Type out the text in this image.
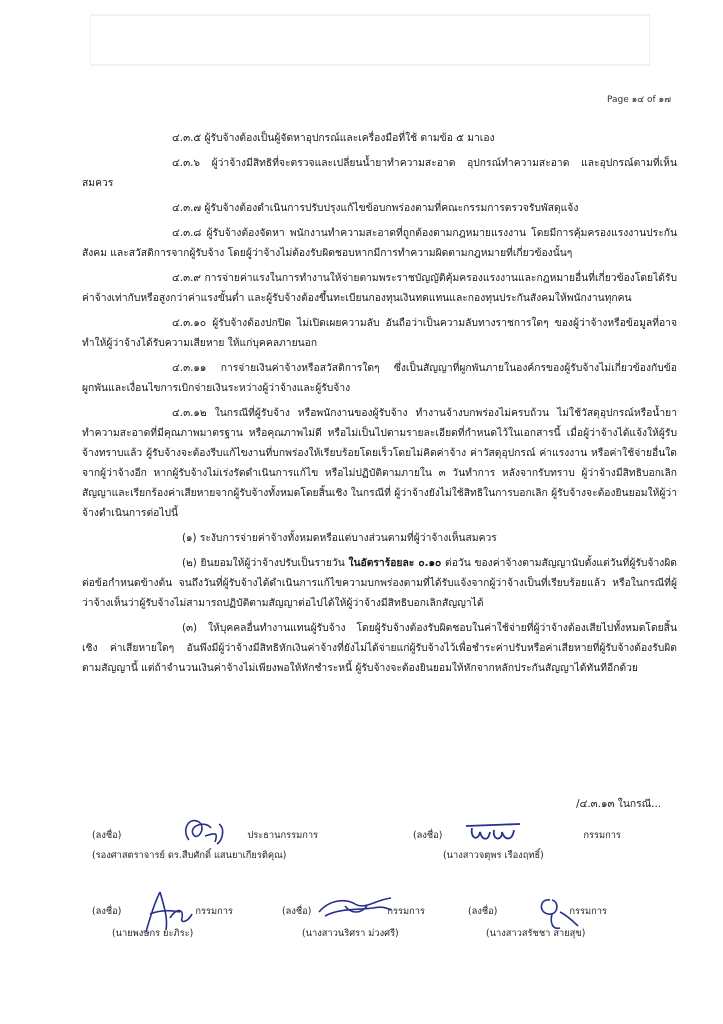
Page ๑๔ of ๑๗

๔.๓.๕ ผู้รับจ้างต้องเป็นผู้จัดหาอุปกรณ์และเครื่องมือที่ใช้ ตามข้อ ๕ มาเอง

๔.๓.๖ ผู้ว่าจ้างมีสิทธิที่จะตรวจและเปลี่ยนน้ำยาทำความสะอาด อุปกรณ์ทำความสะอาด และอุปกรณ์ตามที่เห็นสมควร

๔.๓.๗ ผู้รับจ้างต้องดำเนินการปรับปรุงแก้ไขข้อบกพร่องตามที่คณะกรรมการตรวจรับพัสดุแจ้ง

๔.๓.๘ ผู้รับจ้างต้องจัดหา พนักงานทำความสะอาดที่ถูกต้องตามกฎหมายแรงงาน โดยมีการคุ้มครองแรงงานประกันสังคม และสวัสดิการจากผู้รับจ้าง โดยผู้ว่าจ้างไม่ต้องรับผิดชอบหากมีการทำความผิดตามกฎหมายที่เกี่ยวข้องนั้นๆ

๔.๓.๙ การจ่ายค่าแรงในการทำงานให้จ่ายตามพระราชบัญญัติคุ้มครองแรงงานและกฎหมายอื่นที่เกี่ยวข้องโดยได้รับค่าจ้างเท่ากับหรือสูงกว่าค่าแรงขั้นต่ำ และผู้รับจ้างต้องขึ้นทะเบียนกองทุนเงินทดแทนและกองทุนประกันสังคมให้พนักงานทุกคน

๔.๓.๑๐ ผู้รับจ้างต้องปกปิด ไม่เปิดเผยความลับ อันถือว่าเป็นความลับทางราชการใดๆ ของผู้ว่าจ้างหรือข้อมูลที่อาจทำให้ผู้ว่าจ้างได้รับความเสียหาย ให้แก่บุคคลภายนอก

๔.๓.๑๑ การจ่ายเงินค่าจ้างหรือสวัสดิการใดๆ ซึ่งเป็นสัญญาที่ผูกพันภายในองค์กรของผู้รับจ้างไม่เกี่ยวข้องกับข้อผูกพันและเงื่อนไขการเบิกจ่ายเงินระหว่างผู้ว่าจ้างและผู้รับจ้าง

๔.๓.๑๒ ในกรณีที่ผู้รับจ้าง หรือพนักงานของผู้รับจ้าง ทำงานจ้างบกพร่องไม่ครบถ้วน ไม่ใช้วัสดุอุปกรณ์หรือน้ำยาทำความสะอาดที่มีคุณภาพมาตรฐาน หรือคุณภาพไม่ดี หรือไม่เป็นไปตามรายละเอียดที่กำหนดไว้ในเอกสารนี้ เมื่อผู้ว่าจ้างได้แจ้งให้ผู้รับจ้างทราบแล้ว ผู้รับจ้างจะต้องรีบแก้ไขงานที่บกพร่องให้เรียบร้อยโดยเร็วโดยไม่คิดค่าจ้าง ค่าวัสดุอุปกรณ์ ค่าแรงงาน หรือค่าใช้จ่ายอื่นใดจากผู้ว่าจ้างอีก หากผู้รับจ้างไม่เร่งรัดดำเนินการแก้ไข หรือไม่ปฏิบัติตามภายใน ๓ วันทำการ หลังจากรับทราบ ผู้ว่าจ้างมีสิทธิบอกเลิกสัญญาและเรียกร้องค่าเสียหายจากผู้รับจ้างทั้งหมดโดยสิ้นเชิง ในกรณีที่ ผู้ว่าจ้างยังไม่ใช้สิทธิในการบอกเลิก ผู้รับจ้างจะต้องยินยอมให้ผู้ว่าจ้างดำเนินการต่อไปนี้

(๑) ระงับการจ่ายค่าจ้างทั้งหมดหรือแต่บางส่วนตามที่ผู้ว่าจ้างเห็นสมควร

(๒) ยินยอมให้ผู้ว่าจ้างปรับเป็นรายวัน ในอัตราร้อยละ ๐.๑๐ ต่อวัน ของค่าจ้างตามสัญญานับตั้งแต่วันที่ผู้รับจ้างผิดต่อข้อกำหนดข้างต้น จนถึงวันที่ผู้รับจ้างได้ดำเนินการแก้ไขความบกพร่องตามที่ได้รับแจ้งจากผู้ว่าจ้างเป็นที่เรียบร้อยแล้ว หรือในกรณีที่ผู้ว่าจ้างเห็นว่าผู้รับจ้างไม่สามารถปฏิบัติตามสัญญาต่อไปได้ให้ผู้ว่าจ้างมีสิทธิบอกเลิกสัญญาได้

(๓) ให้บุคคลอื่นทำงานแทนผู้รับจ้าง โดยผู้รับจ้างต้องรับผิดชอบในค่าใช้จ่ายที่ผู้ว่าจ้างต้องเสียไปทั้งหมดโดยสิ้นเชิง ค่าเสียหายใดๆ อันพึงมีผู้ว่าจ้างมีสิทธิหักเงินค่าจ้างที่ยังไม่ได้จ่ายแก่ผู้รับจ้างไว้เพื่อชำระค่าปรับหรือค่าเสียหายที่ผู้รับจ้างต้องรับผิดตามสัญญานี้ แต่ถ้าจำนวนเงินค่าจ้างไม่เพียงพอให้หักชำระหนี้ ผู้รับจ้างจะต้องยินยอมให้หักจากหลักประกันสัญญาได้ทันทีอีกด้วย

/๔.๓.๑๓ ในกรณี...
(ลงชื่อ)	ประธานกรรมการ
(รองศาสตราจารย์ ดร.สืบศักดิ์ แสนยาเกียรติคุณ)
(ลงชื่อ)	กรรมการ
(นางสาวจตุพร เรืองฤทธิ์)
(ลงชื่อ)	กรรมการ
(นายพงษกร ยะภิระ)
(ลงชื่อ)	กรรมการ
(นางสาวนริศรา ม่วงศรี)
(ลงชื่อ)	กรรมการ
(นางสาวสรัชชา สายสุข)
